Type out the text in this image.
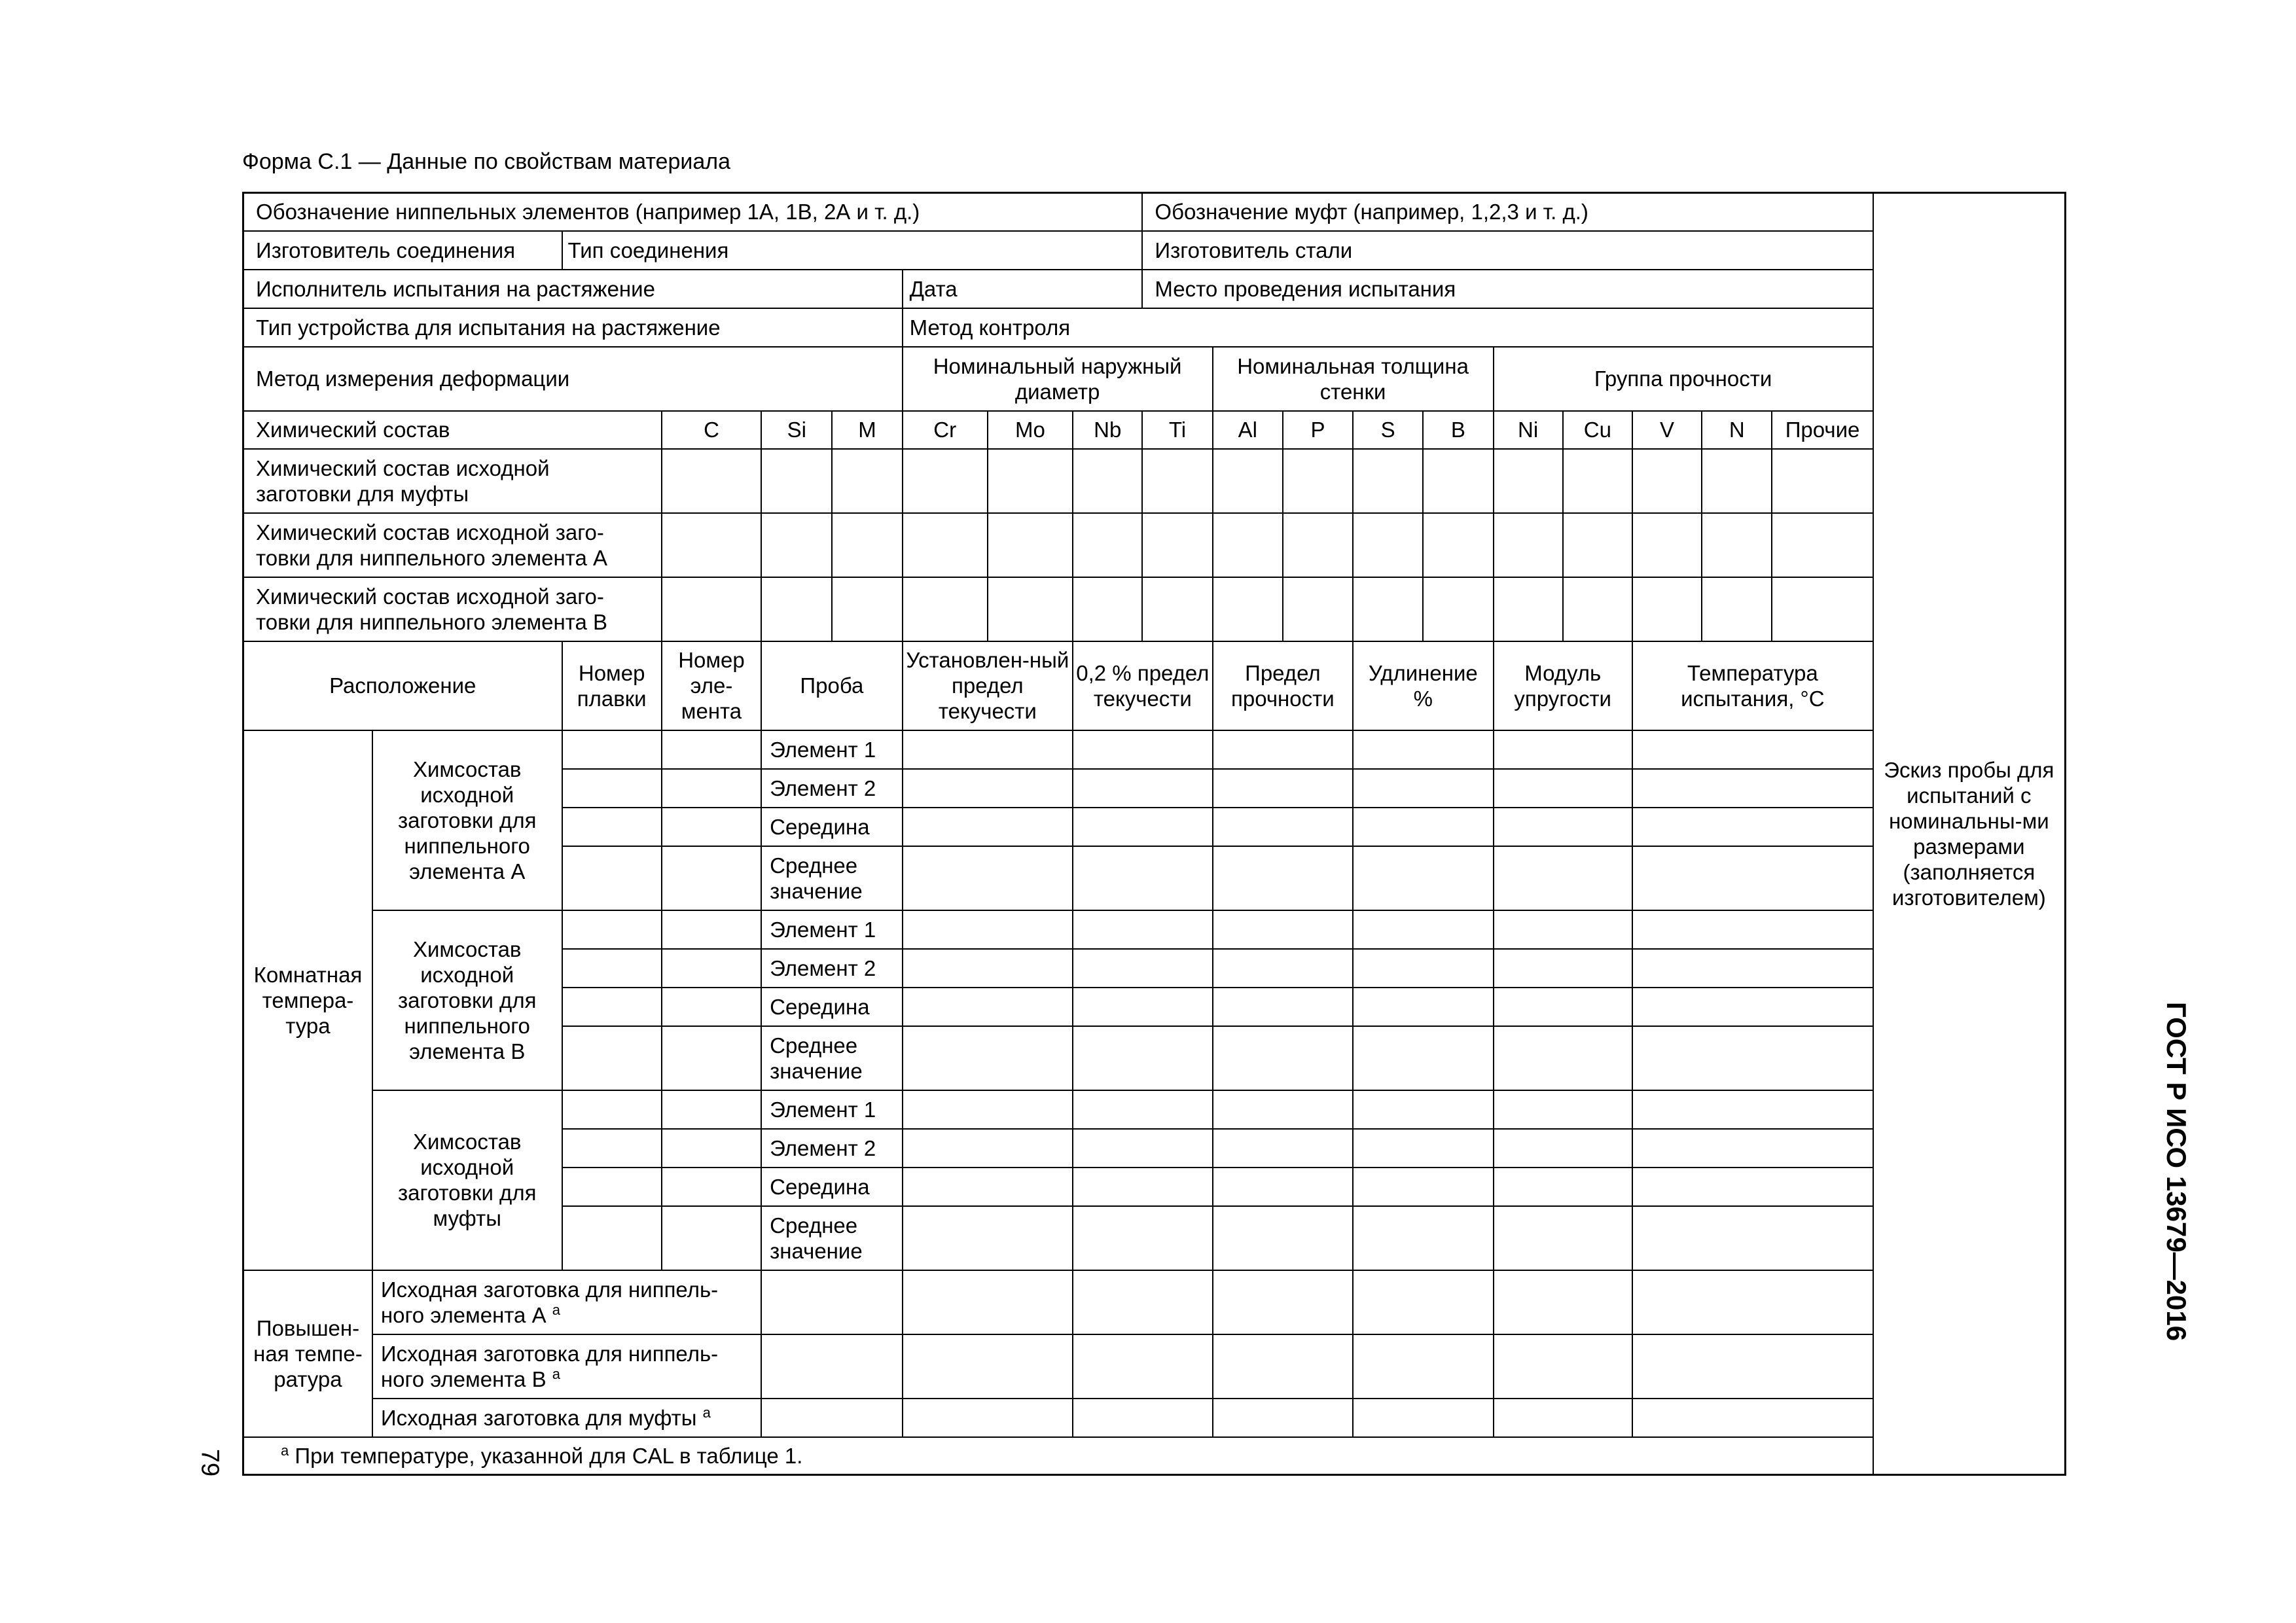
Форма С.1 — Данные по свойствам материала
Обозначение ниппельных элементов (например 1А, 1В, 2А и т. д.)									Обозначение муфт (например, 1,2,3 и т. д.)										Эскиз пробы для испытаний с номинальны-ми размерами (заполняется изготовителем)
Изготовитель соединения		Тип соединения							Изготовитель стали										
Исполнитель испытания на растяжение						Дата			Место проведения испытания										
Тип устройства для испытания на растяжение						Метод контроля													
Метод измерения деформации						Номинальный наружный диаметр				Номинальная толщина стенки				Группа прочности					
Химический состав			C	Si	M	Cr	Mo	Nb	Ti	Al	P	S	B	Ni	Cu	V	N	Прочие	
Химический состав исходной заготовки для муфты																			
Химический состав исходной заго-товки для ниппельного элемента А																			
Химический состав исходной заго-товки для ниппельного элемента В																			
Расположение		Номер плавки	Номер эле-мента	Проба		Установлен-ный предел текучести		0,2 % предел текучести		Предел прочности		Удлинение %		Модуль упругости		Температура испытания, °С			
Комнатная темпера-тура	Химсостав исходной заготовки для ниппельного элемента А			Элемент 1															
				Элемент 2															
				Середина															
				Среднее значение															
	Химсостав исходной заготовки для ниппельного элемента В			Элемент 1															
				Элемент 2															
				Середина															
				Среднее значение															
	Химсостав исходной заготовки для муфты			Элемент 1															
				Элемент 2															
				Середина															
				Среднее значение															
Повышен-ная темпе-ратура	Исходная заготовка для ниппель-ного элемента А $^а$							
	Исходная заготовка для ниппель-ного элемента В $^а$							
	Исходная заготовка для муфты $^а$							
$^а$ При температуре, указанной для CAL в таблице 1.																			
ГОСТ Р ИСО 13679—2016
79
